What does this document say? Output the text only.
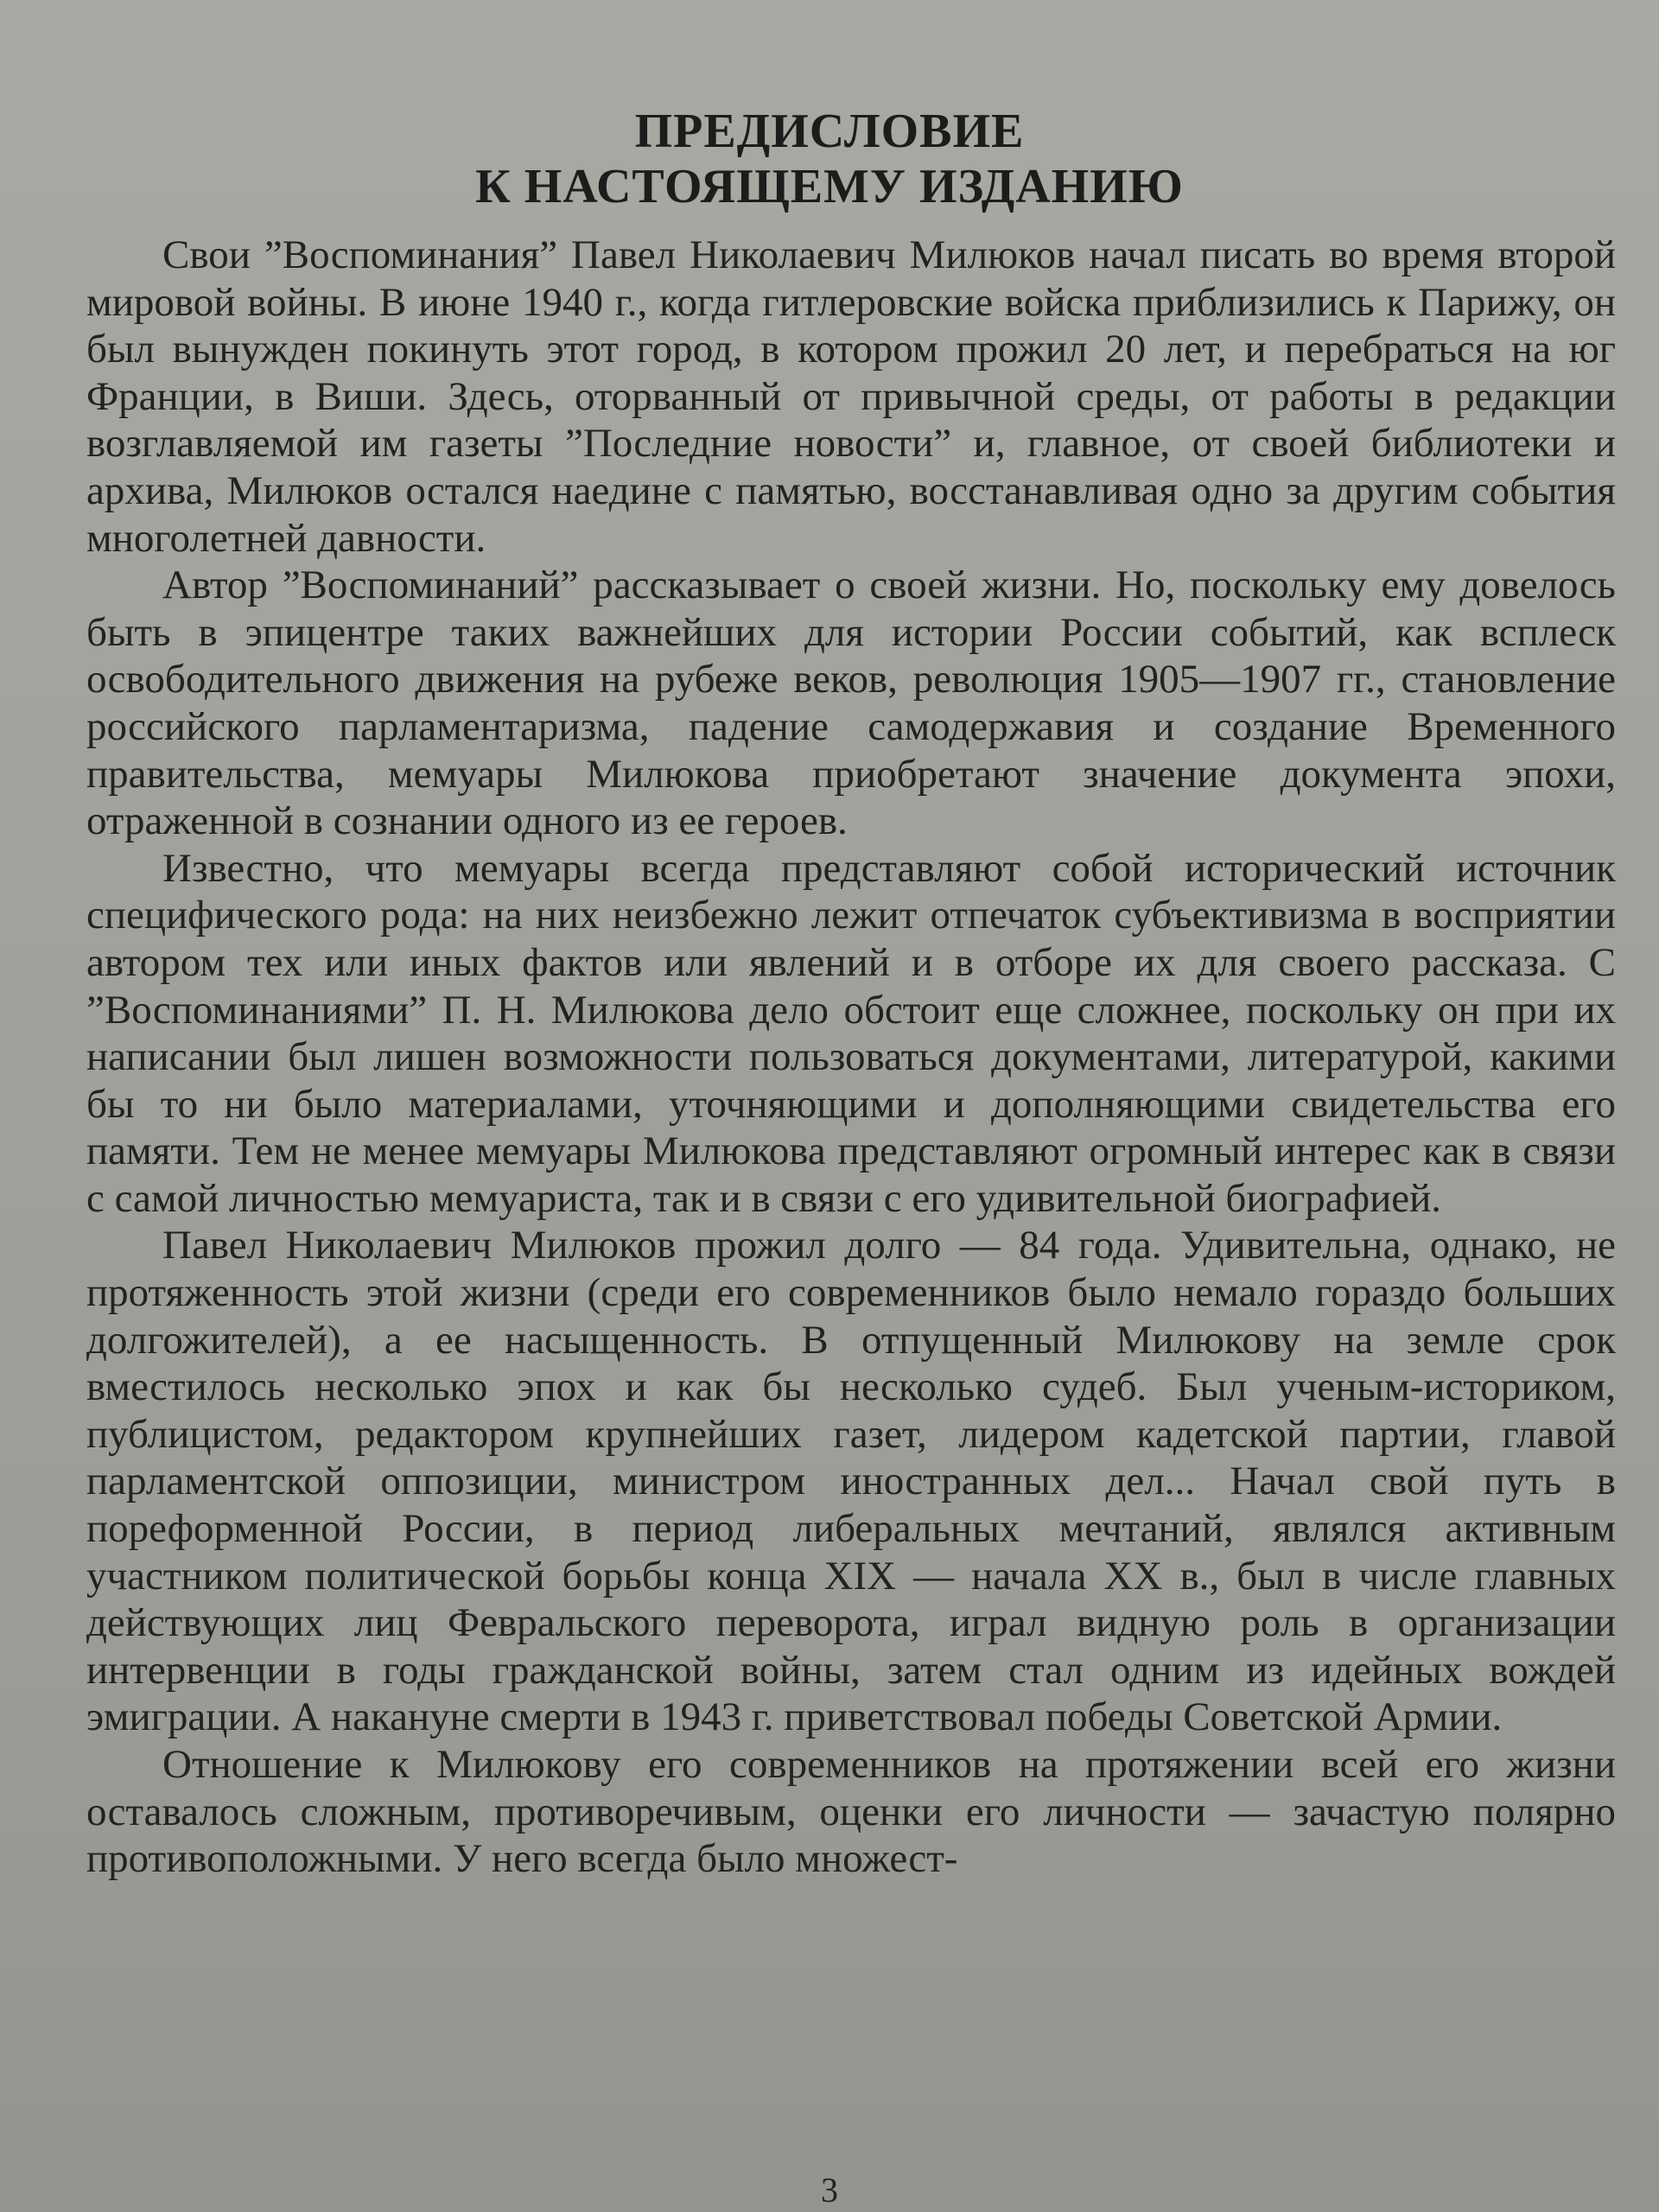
ПРЕДИСЛОВИЕ
К НАСТОЯЩЕМУ ИЗДАНИЮ

Свои ”Воспоминания” Павел Николаевич Милюков начал писать во время второй мировой войны. В июне 1940 г., когда гитлеровские войска приблизились к Парижу, он был вынужден покинуть этот город, в котором прожил 20 лет, и перебраться на юг Франции, в Виши. Здесь, оторванный от привычной среды, от работы в редакции возглавляемой им газеты ”Последние новости” и, главное, от своей библиотеки и архива, Милюков остался наедине с памятью, восстанавливая одно за другим события многолетней давности.

Автор ”Воспоминаний” рассказывает о своей жизни. Но, поскольку ему довелось быть в эпицентре таких важнейших для истории России событий, как всплеск освободительного движения на рубеже веков, революция 1905—1907 гг., становление российского парламентаризма, падение самодержавия и создание Временного правительства, мемуары Милюкова приобретают значение документа эпохи, отраженной в сознании одного из ее героев.

Известно, что мемуары всегда представляют собой исторический источник специфического рода: на них неизбежно лежит отпечаток субъективизма в восприятии автором тех или иных фактов или явлений и в отборе их для своего рассказа. С ”Воспоминаниями” П. Н. Милюкова дело обстоит еще сложнее, поскольку он при их написании был лишен возможности пользоваться документами, литературой, какими бы то ни было материалами, уточняющими и дополняющими свидетельства его памяти. Тем не менее мемуары Милюкова представляют огромный интерес как в связи с самой личностью мемуариста, так и в связи с его удивительной биографией.

Павел Николаевич Милюков прожил долго — 84 года. Удивительна, однако, не протяженность этой жизни (среди его современников было немало гораздо больших долгожителей), а ее насыщенность. В отпущенный Милюкову на земле срок вместилось несколько эпох и как бы несколько судеб. Был ученым-историком, публицистом, редактором крупнейших газет, лидером кадетской партии, главой парламентской оппозиции, министром иностранных дел... Начал свой путь в пореформенной России, в период либеральных мечтаний, являлся активным участником политической борьбы конца XIX — начала XX в., был в числе главных действующих лиц Февральского переворота, играл видную роль в организации интервенции в годы гражданской войны, затем стал одним из идейных вождей эмиграции. А накануне смерти в 1943 г. приветствовал победы Советской Армии.

Отношение к Милюкову его современников на протяжении всей его жизни оставалось сложным, противоречивым, оценки его личности — зачастую полярно противоположными. У него всегда было множест-

3
